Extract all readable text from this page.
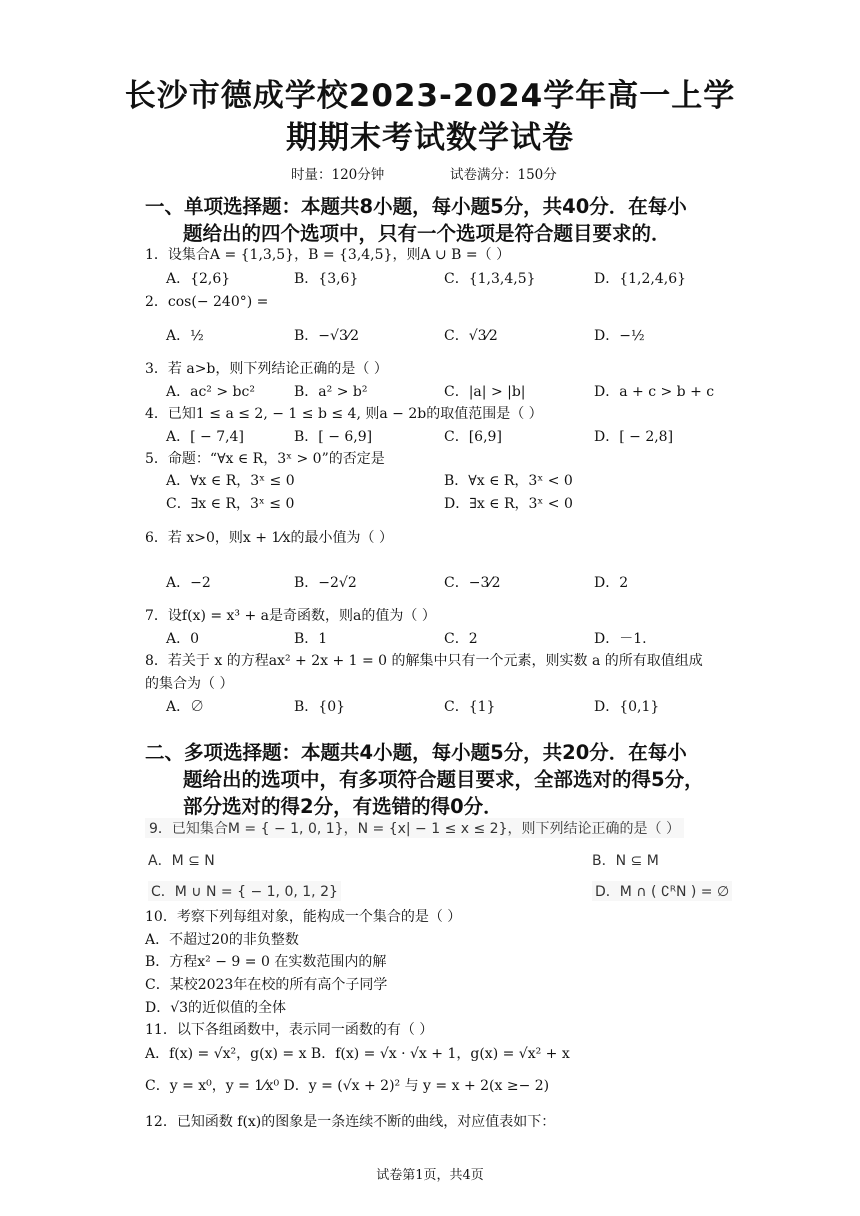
长沙市德成学校2023-2024学年高一上学
期期末考试数学试卷
时量：120分钟	试卷满分：150分
一、单项选择题：本题共8小题，每小题5分，共40分．在每小
题给出的四个选项中，只有一个选项是符合题目要求的．
1．设集合A = {1,3,5}，B = {3,4,5}，则A ∪ B =（ ）
A．{2,6}	B．{3,6}	C．{1,3,4,5}	D．{1,2,4,6}
2．cos(− 240°) =
A．½	B．−√3⁄2	C．√3⁄2	D．−½
3．若 a>b，则下列结论正确的是（ ）
A．ac² > bc²	B．a² > b²	C．|a| > |b|	D．a + c > b + c
4．已知1 ≤ a ≤ 2, − 1 ≤ b ≤ 4, 则a − 2b的取值范围是（ ）
A．[ − 7,4]	B．[ − 6,9]	C．[6,9]	D．[ − 2,8]
5．命题：“∀x ∈ R，3ˣ > 0”的否定是
A．∀x ∈ R，3ˣ ≤ 0	B．∀x ∈ R，3ˣ < 0
C．∃x ∈ R，3ˣ ≤ 0	D．∃x ∈ R，3ˣ < 0
6．若 x>0，则x + 1⁄x的最小值为（ ）
A．−2	B．−2√2	C．−3⁄2	D．2
7．设f(x) = x³ + a是奇函数，则a的值为（ ）
A．0	B．1	C．2	D．－1.
8．若关于 x 的方程ax² + 2x + 1 = 0 的解集中只有一个元素，则实数 a 的所有取值组成
的集合为（ ）
A．∅	B．{0}	C．{1}	D．{0,1}
二、多项选择题：本题共4小题，每小题5分，共20分．在每小
题给出的选项中，有多项符合题目要求，全部选对的得5分，
部分选对的得2分，有选错的得0分．
9．已知集合M = { − 1, 0, 1}，N = {x| − 1 ≤ x ≤ 2}，则下列结论正确的是（ ）
A．M ⊆ N	B．N ⊆ M
C．M ∪ N = { − 1, 0, 1, 2}	D．M ∩ ( ∁ᴿN ) = ∅
10．考察下列每组对象，能构成一个集合的是（ ）
A．不超过20的非负整数
B．方程x² − 9 = 0 在实数范围内的解
C．某校2023年在校的所有高个子同学
D．√3的近似值的全体
11．以下各组函数中，表示同一函数的有（ ）
A．f(x) = √x²，g(x) = x B．f(x) = √x · √x + 1，g(x) = √x² + x
C．y = x⁰，y = 1⁄x⁰ D．y = (√x + 2)² 与 y = x + 2(x ≥− 2)
12．已知函数 f(x)的图象是一条连续不断的曲线，对应值表如下：
试卷第1页，共4页
